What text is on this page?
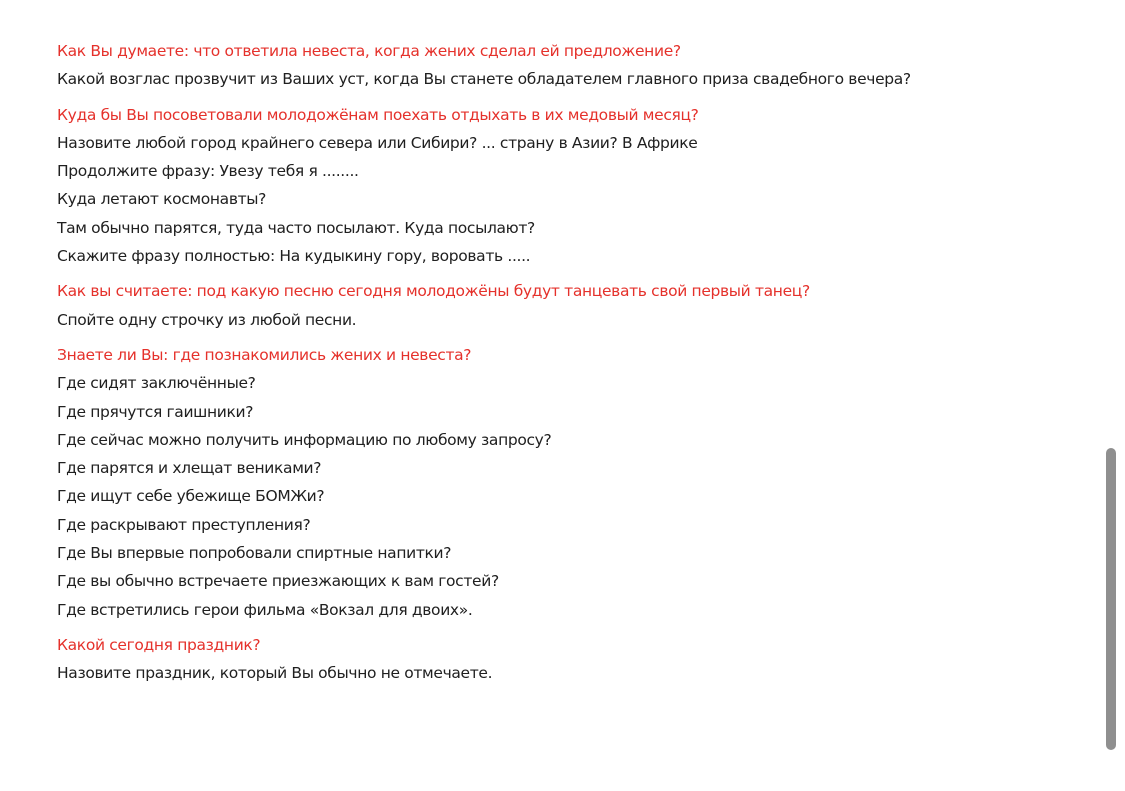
Как Вы думаете: что ответила невеста, когда жених сделал ей предложение?
Какой возглас прозвучит из Ваших уст, когда Вы станете обладателем главного приза свадебного вечера?
Куда бы Вы посоветовали молодожёнам поехать отдыхать в их медовый месяц?
Назовите любой город крайнего севера или Сибири? ... страну в Азии? В Африке
Продолжите фразу: Увезу тебя я ........
Куда летают космонавты?
Там обычно парятся, туда часто посылают. Куда посылают?
Скажите фразу полностью: На кудыкину гору, воровать .....
Как вы считаете: под какую песню сегодня молодожёны будут танцевать свой первый танец?
Спойте одну строчку из любой песни.
Знаете ли Вы: где познакомились жених и невеста?
Где сидят заключённые?
Где прячутся гаишники?
Где сейчас можно получить информацию по любому запросу?
Где парятся и хлещат вениками?
Где ищут себе убежище БОМЖи?
Где раскрывают преступления?
Где Вы впервые попробовали спиртные напитки?
Где вы обычно встречаете приезжающих к вам гостей?
Где встретились герои фильма «Вокзал для двоих».
Какой сегодня праздник?
Назовите праздник, который Вы обычно не отмечаете.
